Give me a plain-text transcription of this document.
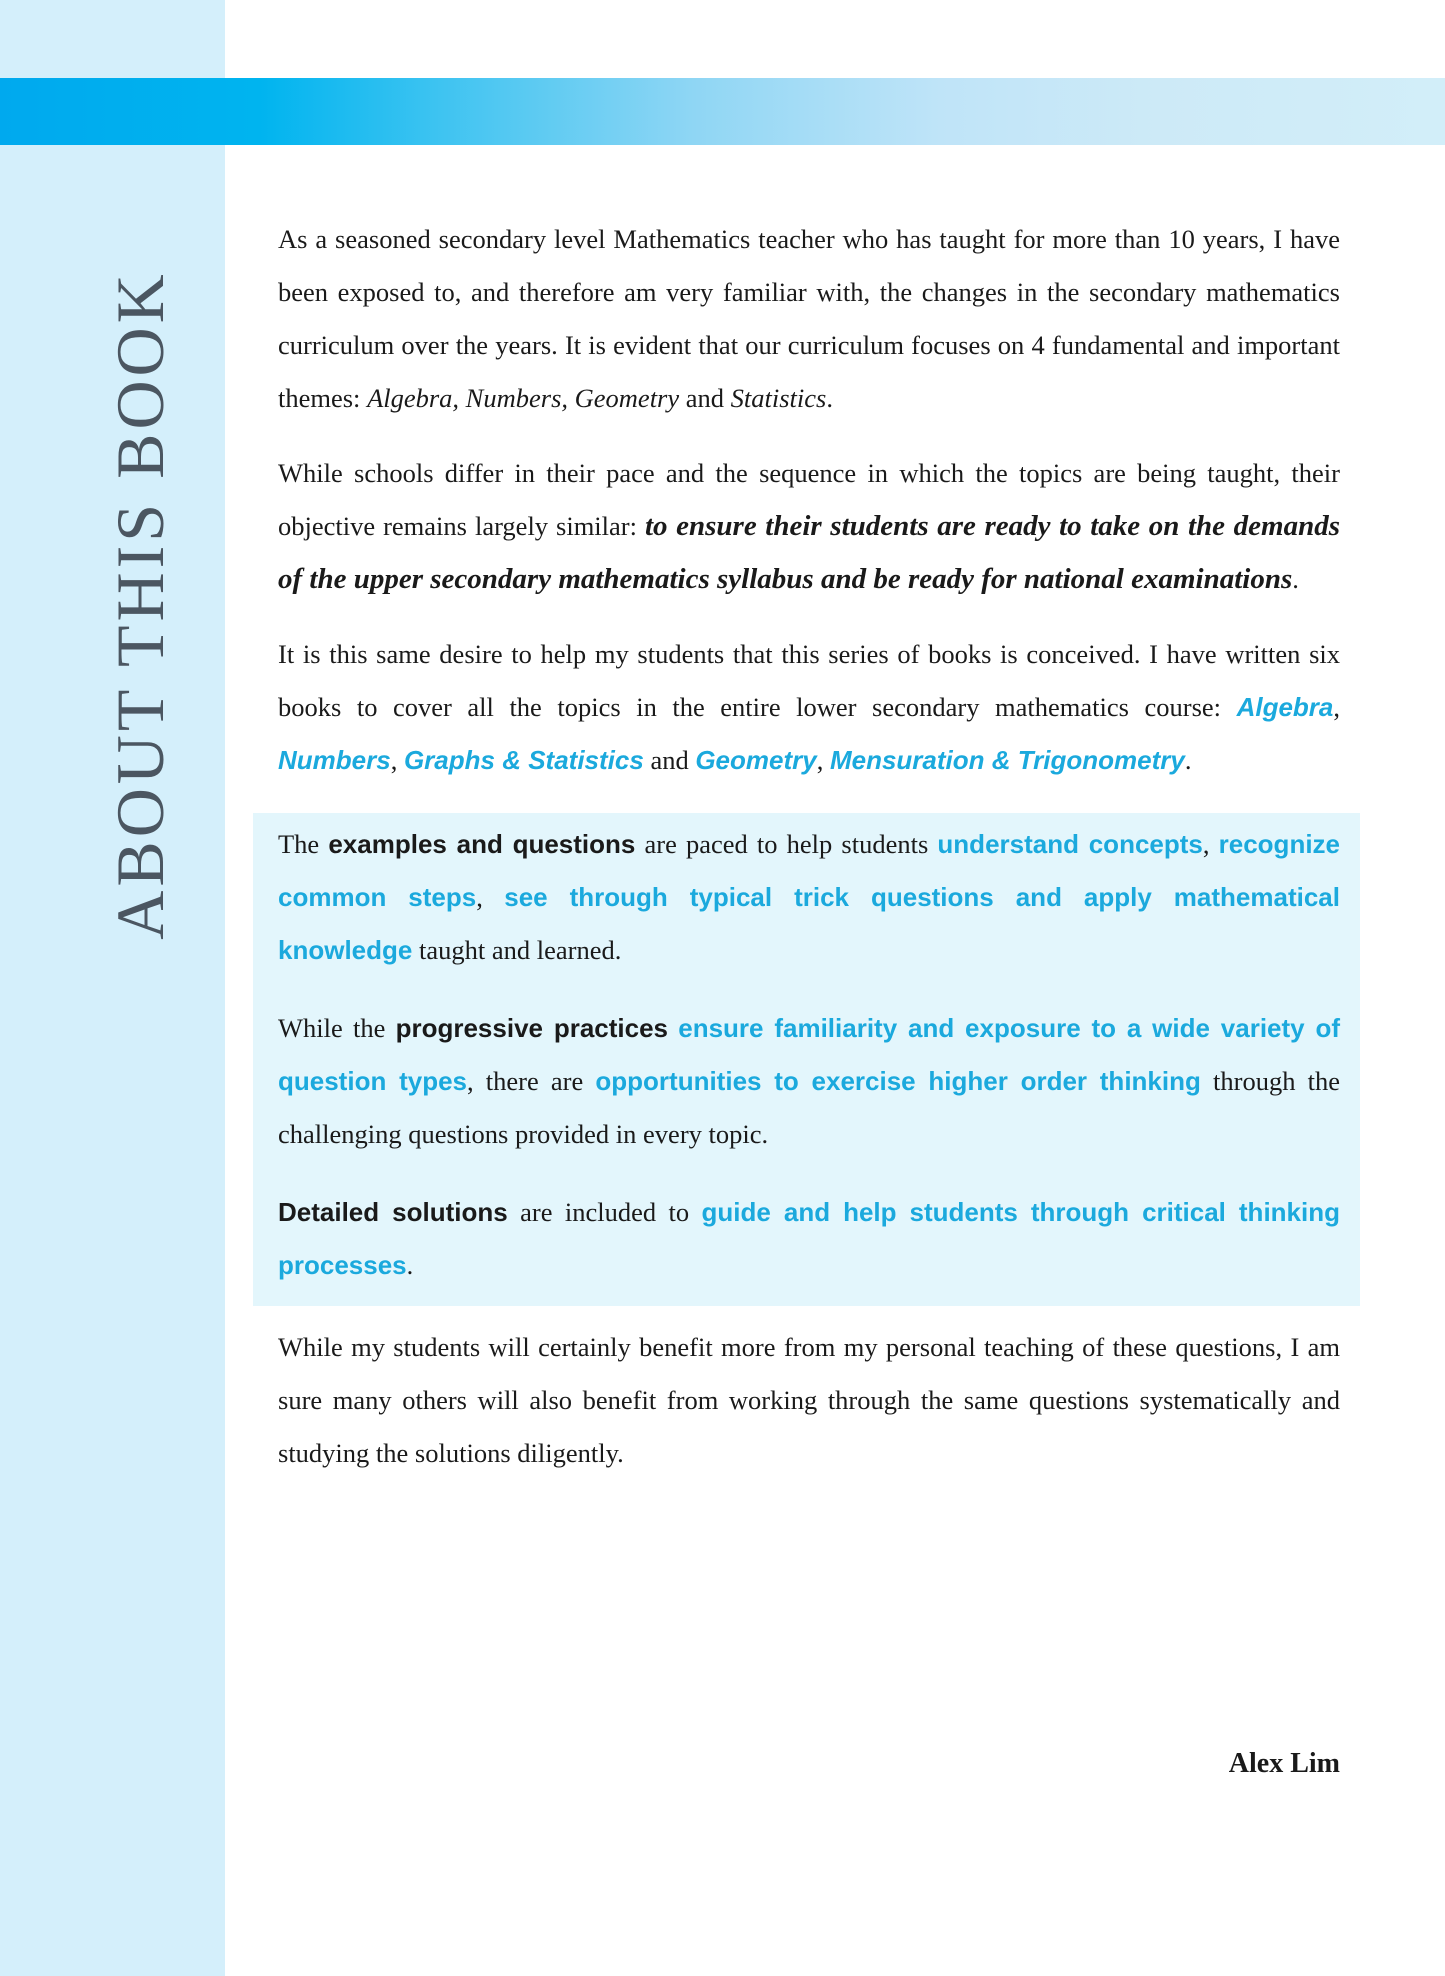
ABOUT THIS BOOK

As a seasoned secondary level Mathematics teacher who has taught for more than 10 years, I have been exposed to, and therefore am very familiar with, the changes in the secondary mathematics curriculum over the years. It is evident that our curriculum focuses on 4 fundamental and important themes: Algebra, Numbers, Geometry and Statistics.

While schools differ in their pace and the sequence in which the topics are being taught, their objective remains largely similar: to ensure their students are ready to take on the demands of the upper secondary mathematics syllabus and be ready for national examinations.

It is this same desire to help my students that this series of books is conceived. I have written six books to cover all the topics in the entire lower secondary mathematics course: Algebra, Numbers, Graphs & Statistics and Geometry, Mensuration & Trigonometry.

The examples and questions are paced to help students understand concepts, recognize common steps, see through typical trick questions and apply mathematical knowledge taught and learned.

While the progressive practices ensure familiarity and exposure to a wide variety of question types, there are opportunities to exercise higher order thinking through the challenging questions provided in every topic.

Detailed solutions are included to guide and help students through critical thinking processes.

While my students will certainly benefit more from my personal teaching of these questions, I am sure many others will also benefit from working through the same questions systematically and studying the solutions diligently.

Alex Lim
